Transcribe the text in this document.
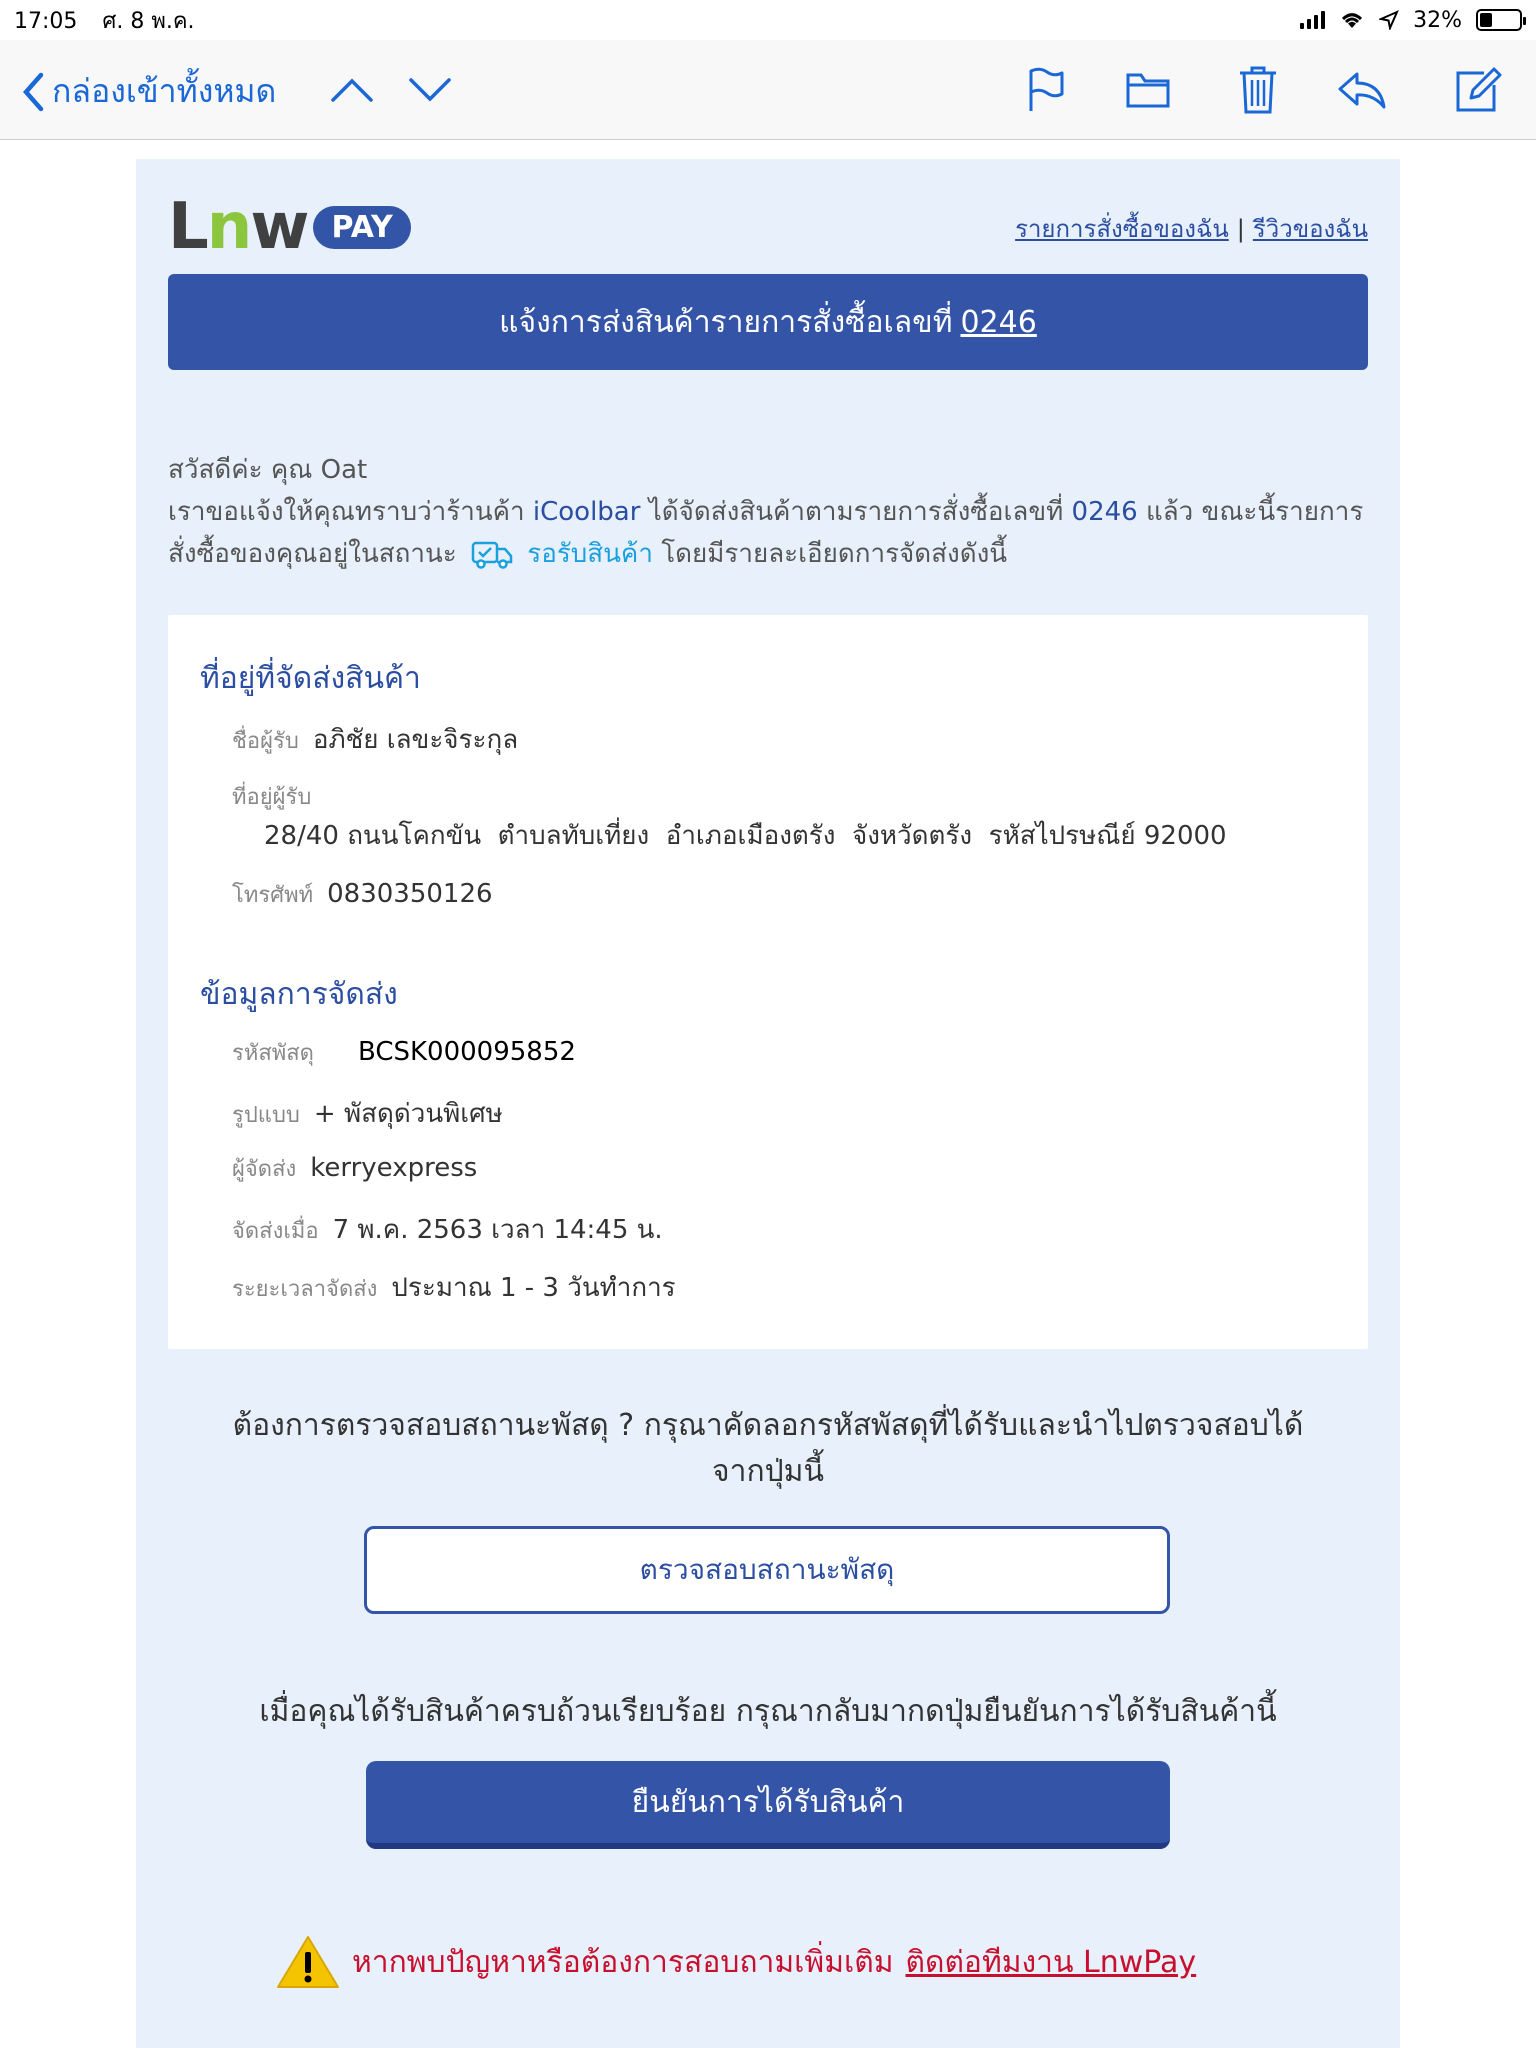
17:05 ศ. 8 พ.ค.	32%
กล่องเข้าทั้งหมด
Lnw PAY	รายการสั่งซื้อของฉัน | รีวิวของฉัน
แจ้งการส่งสินค้ารายการสั่งซื้อเลขที่ 0246
สวัสดีค่ะ คุณ Oat
เราขอแจ้งให้คุณทราบว่าร้านค้า iCoolbar ได้จัดส่งสินค้าตามรายการสั่งซื้อเลขที่ 0246 แล้ว ขณะนี้รายการ
สั่งซื้อของคุณอยู่ในสถานะ	รอรับสินค้า โดยมีรายละเอียดการจัดส่งดังนี้
ที่อยู่ที่จัดส่งสินค้า
ชื่อผู้รับ อภิชัย เลขะจิระกุล
ที่อยู่ผู้รับ
28/40 ถนนโคกขัน  ตำบลทับเที่ยง  อำเภอเมืองตรัง  จังหวัดตรัง  รหัสไปรษณีย์ 92000
โทรศัพท์ 0830350126
ข้อมูลการจัดส่ง
รหัสพัสดุ BCSK000095852
รูปแบบ + พัสดุด่วนพิเศษ
ผู้จัดส่ง kerryexpress
จัดส่งเมื่อ 7 พ.ค. 2563 เวลา 14:45 น.
ระยะเวลาจัดส่ง ประมาณ 1 - 3 วันทำการ
ต้องการตรวจสอบสถานะพัสดุ ? กรุณาคัดลอกรหัสพัสดุที่ได้รับและนำไปตรวจสอบได้
จากปุ่มนี้
ตรวจสอบสถานะพัสดุ
เมื่อคุณได้รับสินค้าครบถ้วนเรียบร้อย กรุณากลับมากดปุ่มยืนยันการได้รับสินค้านี้
ยืนยันการได้รับสินค้า
หากพบปัญหาหรือต้องการสอบถามเพิ่มเติม ติดต่อทีมงาน LnwPay
